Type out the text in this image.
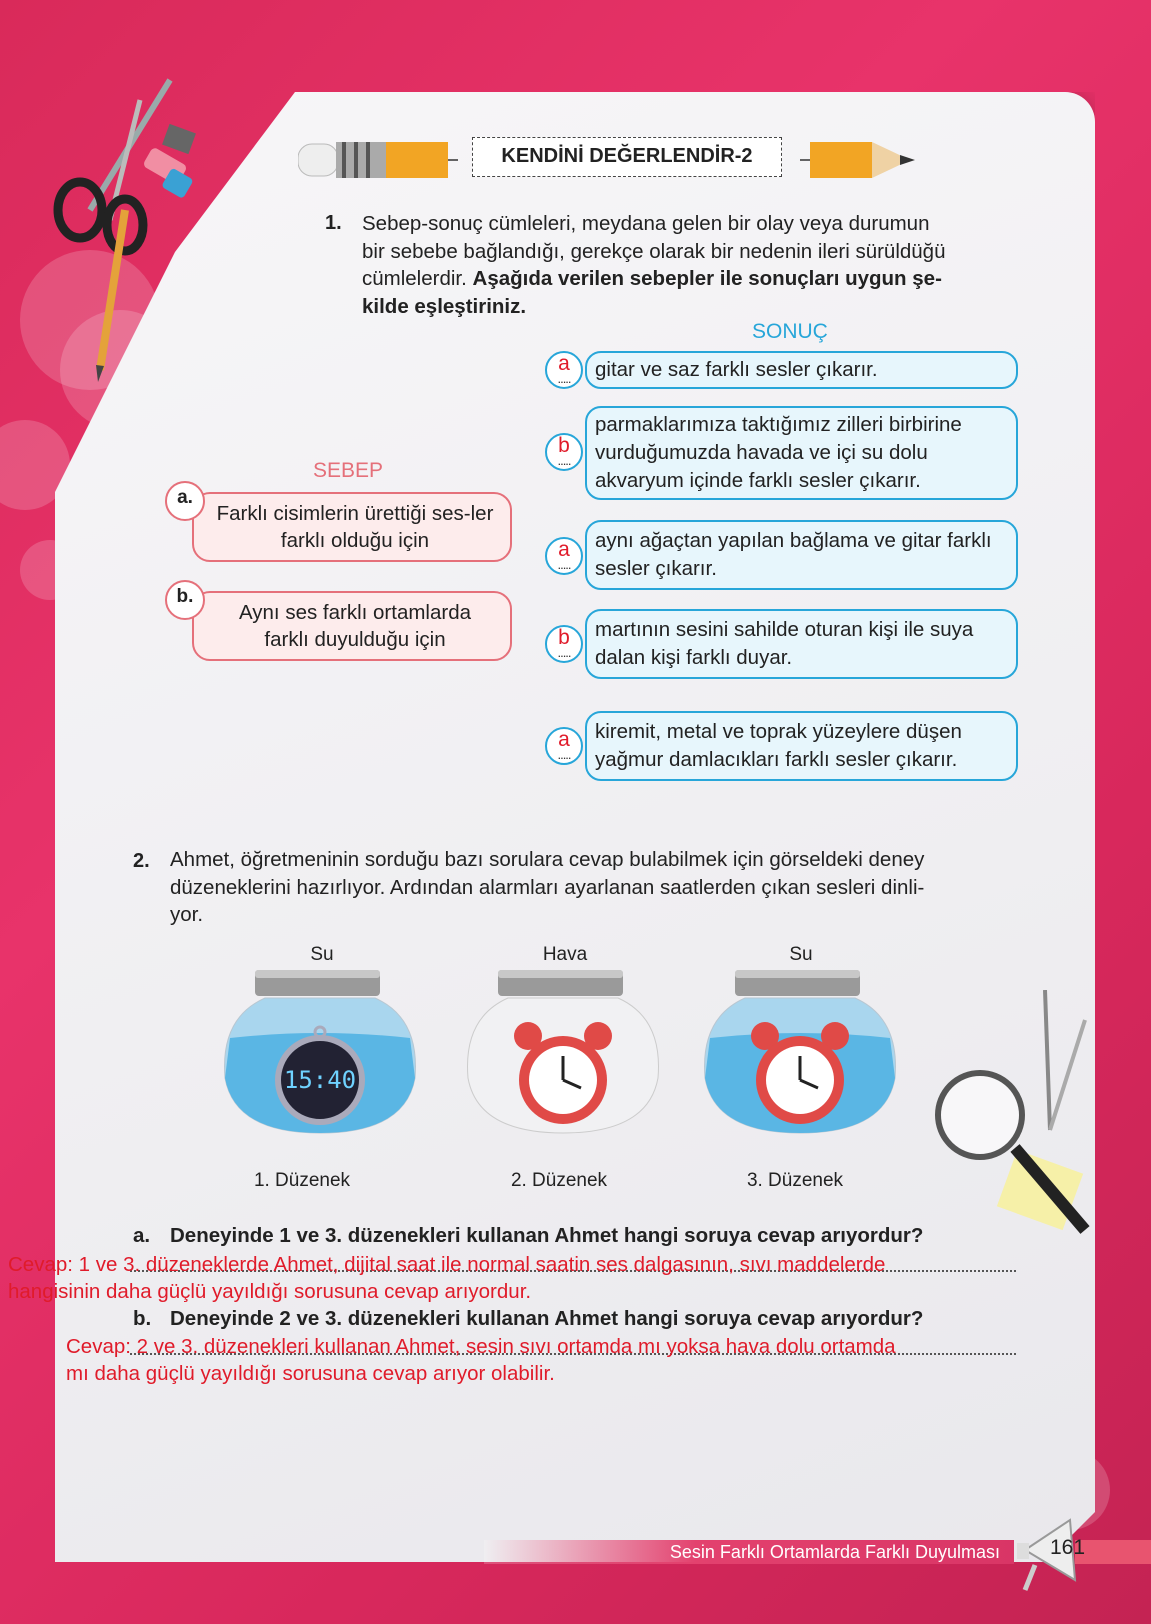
KENDİNİ DEĞERLENDİR-2
1. Sebep-sonuç cümleleri, meydana gelen bir olay veya durumun
bir sebebe bağlandığı, gerekçe olarak bir nedenin ileri sürüldüğü
cümlelerdir. Aşağıda verilen sebepler ile sonuçları uygun şe-
kilde eşleştiriniz.
SONUÇ
SEBEP
a
.....	gitar ve saz farklı sesler çıkarır.
b
.....
parmaklarımıza taktığımız zilleri birbirine vurduğumuzda havada ve içi su dolu akvaryum içinde farklı sesler çıkarır.
a
.....
aynı ağaçtan yapılan bağlama ve gitar farklı sesler çıkarır.
b
.....
martının sesini sahilde oturan kişi ile suya dalan kişi farklı duyar.
a
.....
kiremit, metal ve toprak yüzeylere düşen yağmur damlacıkları farklı sesler çıkarır.
Farklı cisimlerin ürettiği ses-ler farklı olduğu için
a.
Aynı ses farklı ortamlarda farklı duyulduğu için
b.
2. Ahmet, öğretmeninin sorduğu bazı sorulara cevap bulabilmek için görseldeki deney
düzeneklerini hazırlıyor. Ardından alarmları ayarlanan saatlerden çıkan sesleri dinli-
yor.
Su	Hava	Su
15:40
1. Düzenek	2. Düzenek	3. Düzenek
a. Deneyinde 1 ve 3. düzenekleri kullanan Ahmet hangi soruya cevap arıyordur?
Cevap: 1 ve 3. düzeneklerde Ahmet, dijital saat ile normal saatin ses dalgasının, sıvı maddelerde
hangisinin daha güçlü yayıldığı sorusuna cevap arıyordur.
b. Deneyinde 2 ve 3. düzenekleri kullanan Ahmet hangi soruya cevap arıyordur?
Cevap: 2 ve 3. düzenekleri kullanan Ahmet, sesin sıvı ortamda mı yoksa hava dolu ortamda
mı daha güçlü yayıldığı sorusuna cevap arıyor olabilir.
Sesin Farklı Ortamlarda Farklı Duyulması	161
